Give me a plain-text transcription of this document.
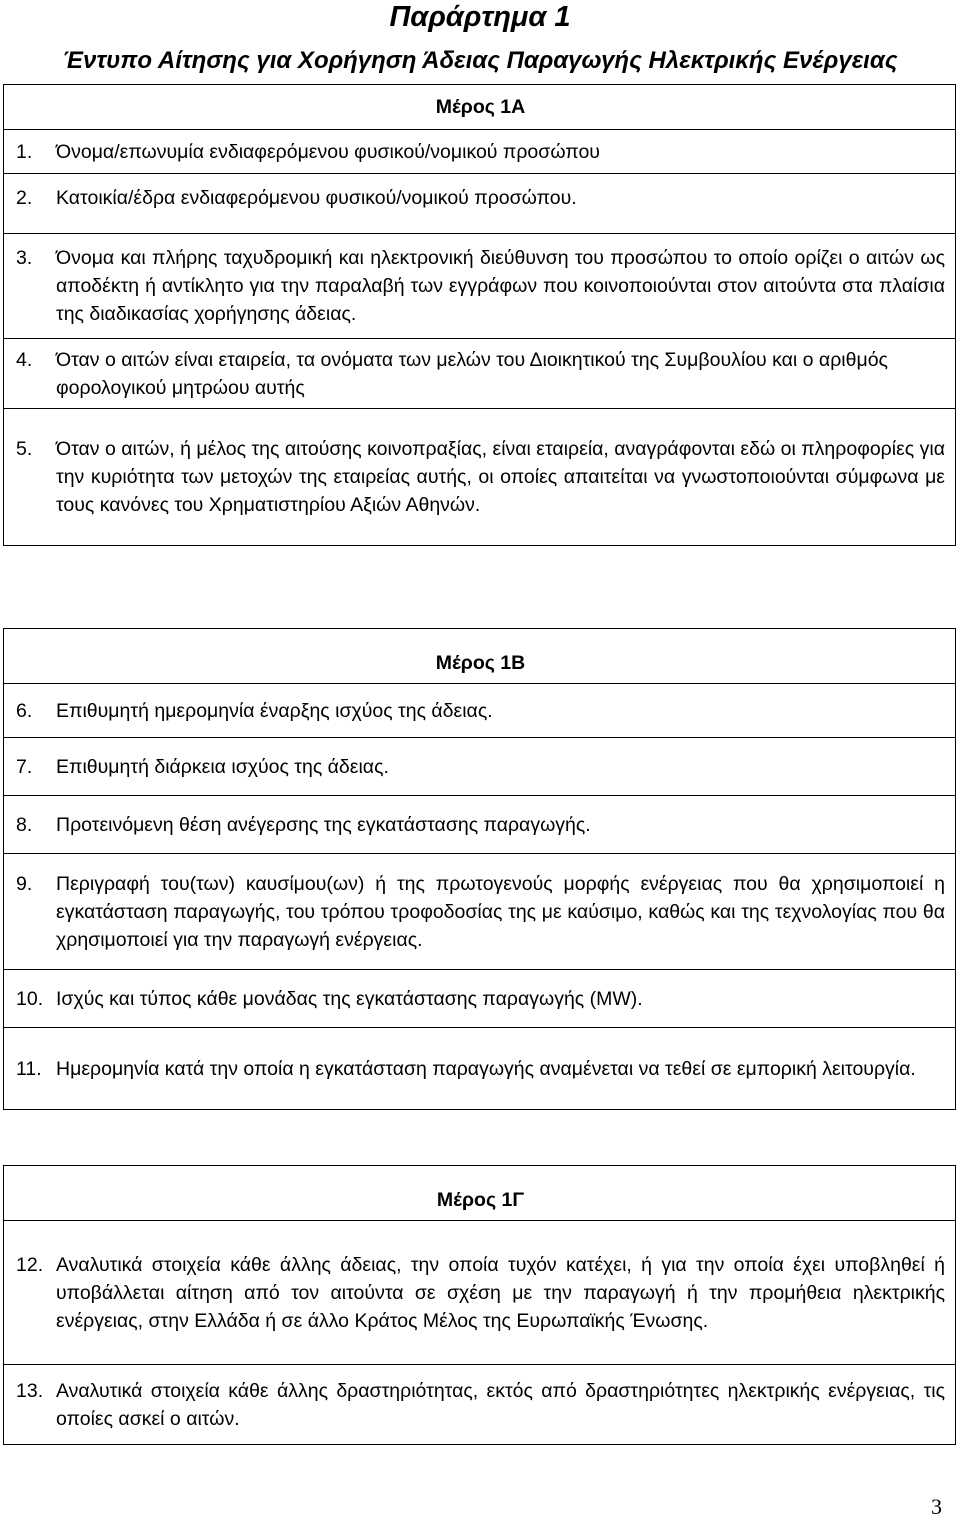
Παράρτημα 1
Έντυπο Αίτησης για Χορήγηση Άδειας Παραγωγής Ηλεκτρικής Ενέργειας
Μέρος 1Α

1.	Όνομα/επωνυμία ενδιαφερόμενου φυσικού/νομικού προσώπου

2.	Κατοικία/έδρα ενδιαφερόμενου φυσικού/νομικού προσώπου.

3.	Όνομα και πλήρης ταχυδρομική και ηλεκτρονική διεύθυνση του προσώπου το οποίο ορίζει ο αιτών ως αποδέκτη ή αντίκλητο για την παραλαβή των εγγράφων που κοινοποιούνται στον αιτούντα στα πλαίσια της διαδικασίας χορήγησης άδειας.

4.	Όταν ο αιτών είναι εταιρεία, τα ονόματα των μελών του Διοικητικού της Συμβουλίου και ο αριθμός φορολογικού μητρώου αυτής

5.	Όταν ο αιτών, ή μέλος της αιτούσης κοινοπραξίας, είναι εταιρεία, αναγράφονται εδώ οι πληροφορίες για την κυριότητα των μετοχών της εταιρείας αυτής, οι οποίες απαιτείται να γνωστοποιούνται σύμφωνα με τους κανόνες του Χρηματιστηρίου Αξιών Αθηνών.
Μέρος 1Β

6.	Επιθυμητή ημερομηνία έναρξης ισχύος της άδειας.

7.	Επιθυμητή διάρκεια ισχύος της άδειας.

8.	Προτεινόμενη θέση ανέγερσης της εγκατάστασης παραγωγής.

9.	Περιγραφή του(των) καυσίμου(ων) ή της πρωτογενούς μορφής ενέργειας που θα χρησιμοποιεί η εγκατάσταση παραγωγής, του τρόπου τροφοδοσίας της με καύσιμο, καθώς και της τεχνολογίας που θα χρησιμοποιεί για την παραγωγή ενέργειας.

10. Ισχύς και τύπος κάθε μονάδας της εγκατάστασης παραγωγής (MW).

11. Ημερομηνία κατά την οποία η εγκατάσταση παραγωγής αναμένεται να τεθεί σε εμπορική λειτουργία.
Μέρος 1Γ

12. Αναλυτικά στοιχεία κάθε άλλης άδειας, την οποία τυχόν κατέχει, ή για την οποία έχει υποβληθεί ή υποβάλλεται αίτηση από τον αιτούντα σε σχέση με την παραγωγή ή την προμήθεια ηλεκτρικής ενέργειας, στην Ελλάδα ή σε άλλο Κράτος Μέλος της Ευρωπαϊκής Ένωσης.

13. Αναλυτικά στοιχεία κάθε άλλης δραστηριότητας, εκτός από δραστηριότητες ηλεκτρικής ενέργειας, τις οποίες ασκεί ο αιτών.
3
